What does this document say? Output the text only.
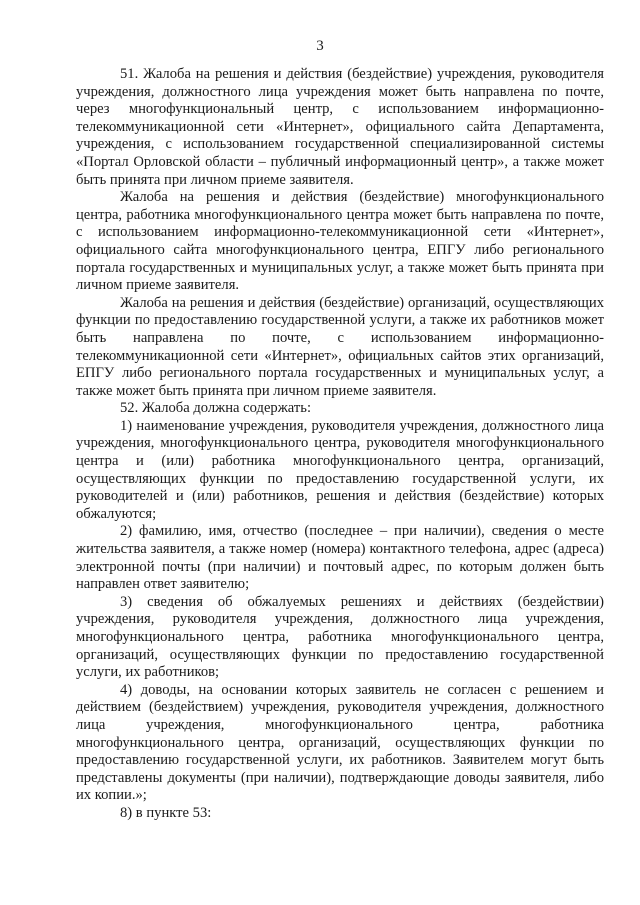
3

51. Жалоба на решения и действия (бездействие) учреждения, руководителя учреждения, должностного лица учреждения может быть направлена по почте, через многофункциональный центр, с использованием информационно-телекоммуникационной сети «Интернет», официального сайта Департамента, учреждения, с использованием государственной специализированной системы «Портал Орловской области – публичный информационный центр», а также может быть принята при личном приеме заявителя.

Жалоба на решения и действия (бездействие) многофункционального центра, работника многофункционального центра может быть направлена по почте, с использованием информационно-телекоммуникационной сети «Интернет», официального сайта многофункционального центра, ЕПГУ либо регионального портала государственных и муниципальных услуг, а также может быть принята при личном приеме заявителя.

Жалоба на решения и действия (бездействие) организаций, осуществляющих функции по предоставлению государственной услуги, а также их работников может быть направлена по почте, с использованием информационно-телекоммуникационной сети «Интернет», официальных сайтов этих организаций, ЕПГУ либо регионального портала государственных и муниципальных услуг, а также может быть принята при личном приеме заявителя.

52. Жалоба должна содержать:

1) наименование учреждения, руководителя учреждения, должностного лица учреждения, многофункционального центра, руководителя многофункционального центра и (или) работника многофункционального центра, организаций, осуществляющих функции по предоставлению государственной услуги, их руководителей и (или) работников, решения и действия (бездействие) которых обжалуются;

2) фамилию, имя, отчество (последнее – при наличии), сведения о месте жительства заявителя, а также номер (номера) контактного телефона, адрес (адреса) электронной почты (при наличии) и почтовый адрес, по которым должен быть направлен ответ заявителю;

3) сведения об обжалуемых решениях и действиях (бездействии) учреждения, руководителя учреждения, должностного лица учреждения, многофункционального центра, работника многофункционального центра, организаций, осуществляющих функции по предоставлению государственной услуги, их работников;

4) доводы, на основании которых заявитель не согласен с решением и действием (бездействием) учреждения, руководителя учреждения, должностного лица учреждения, многофункционального центра, работника многофункционального центра, организаций, осуществляющих функции по предоставлению государственной услуги, их работников. Заявителем могут быть представлены документы (при наличии), подтверждающие доводы заявителя, либо их копии.»;

8) в пункте 53:
